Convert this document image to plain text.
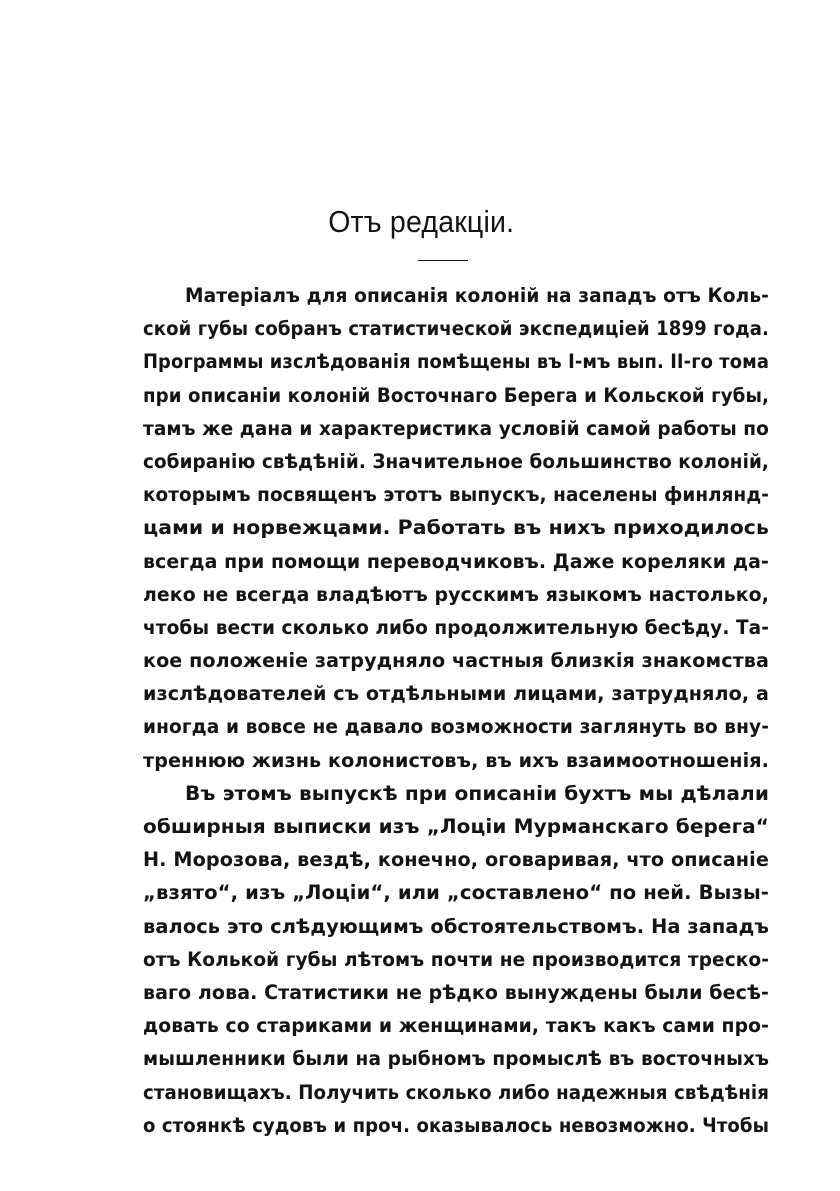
Отъ редакціи.
Матеріалъ для описанія колоній на западъ отъ Коль-
ской губы собранъ статистической экспедиціей 1899 года.
Программы изслѣдованія помѣщены въ І-мъ вып. ІІ-го тома
при описаніи колоній Восточнаго Берега и Кольской губы,
тамъ же дана и характеристика условій самой работы по
собиранію свѣдѣній. Значительное большинство колоній,
которымъ посвященъ этотъ выпускъ, населены финлянд-
цами и норвежцами. Работать въ нихъ приходилось
всегда при помощи переводчиковъ. Даже кореляки да-
леко не всегда владѣютъ русскимъ языкомъ настолько,
чтобы вести сколько либо продолжительную бесѣду. Та-
кое положеніе затрудняло частныя близкія знакомства
изслѣдователей съ отдѣльными лицами, затрудняло, а
иногда и вовсе не давало возможности заглянуть во вну-
треннюю жизнь колонистовъ, въ ихъ взаимоотношенія.
Въ этомъ выпускѣ при описаніи бухтъ мы дѣлали
обширныя выписки изъ „Лоціи Мурманскаго берега“
Н. Морозова, вездѣ, конечно, оговаривая, что описаніе
„взято“, изъ „Лоціи“, или „составлено“ по ней. Вызы-
валось это слѣдующимъ обстоятельствомъ. На западъ
отъ Колькой губы лѣтомъ почти не производится треско-
ваго лова. Статистики не рѣдко вынуждены были бесѣ-
довать со стариками и женщинами, такъ какъ сами про-
мышленники были на рыбномъ промыслѣ въ восточныхъ
становищахъ. Получить сколько либо надежныя свѣдѣнія
о стоянкѣ судовъ и проч. оказывалось невозможно. Чтобы
